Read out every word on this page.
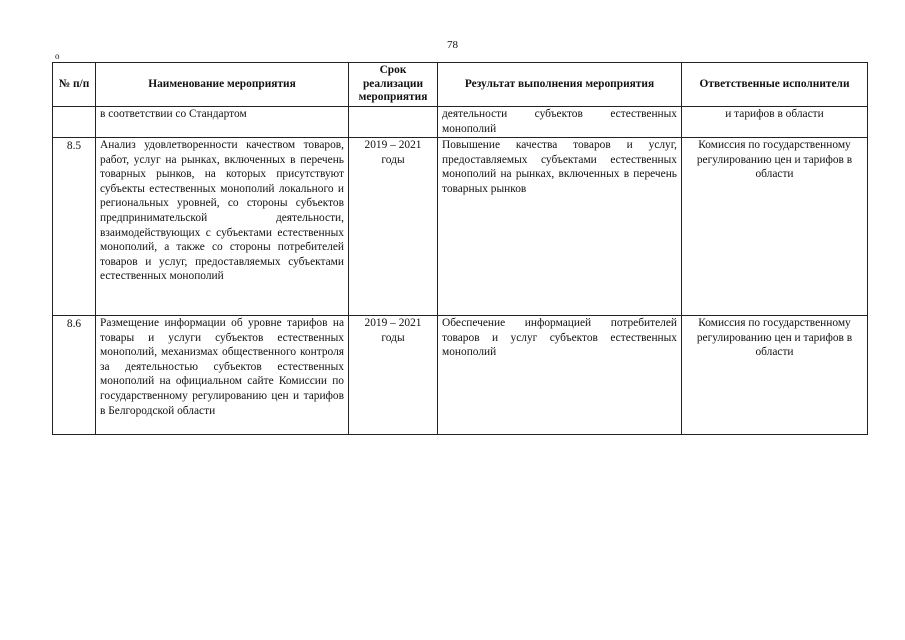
78
о
№ п/п	Наименование мероприятия	Срок реализации мероприятия	Результат выполнения мероприятия	Ответственные исполнители
	в соответствии со Стандартом		деятельности субъектов естественных монополий	и тарифов в области
8.5	Анализ удовлетворенности качеством товаров, работ, услуг на рынках, включенных в перечень товарных рынков, на которых присутствуют субъекты естественных монополий локального и региональных уровней, со стороны субъектов предпринимательской деятельности, взаимодействующих с субъектами естественных монополий, а также со стороны потребителей товаров и услуг, предоставляемых субъектами естественных монополий	2019 – 2021 годы	Повышение качества товаров и услуг, предоставляемых субъектами естественных монополий на рынках, включенных в перечень товарных рынков	Комиссия по государственному регулированию цен и тарифов в области
8.6	Размещение информации об уровне тарифов на товары и услуги субъектов естественных монополий, механизмах общественного контроля за деятельностью субъектов естественных монополий на официальном сайте Комиссии по государственному регулированию цен и тарифов в Белгородской области	2019 – 2021 годы	Обеспечение информацией потребителей товаров и услуг субъектов естественных монополий	Комиссия по государственному регулированию цен и тарифов в области
